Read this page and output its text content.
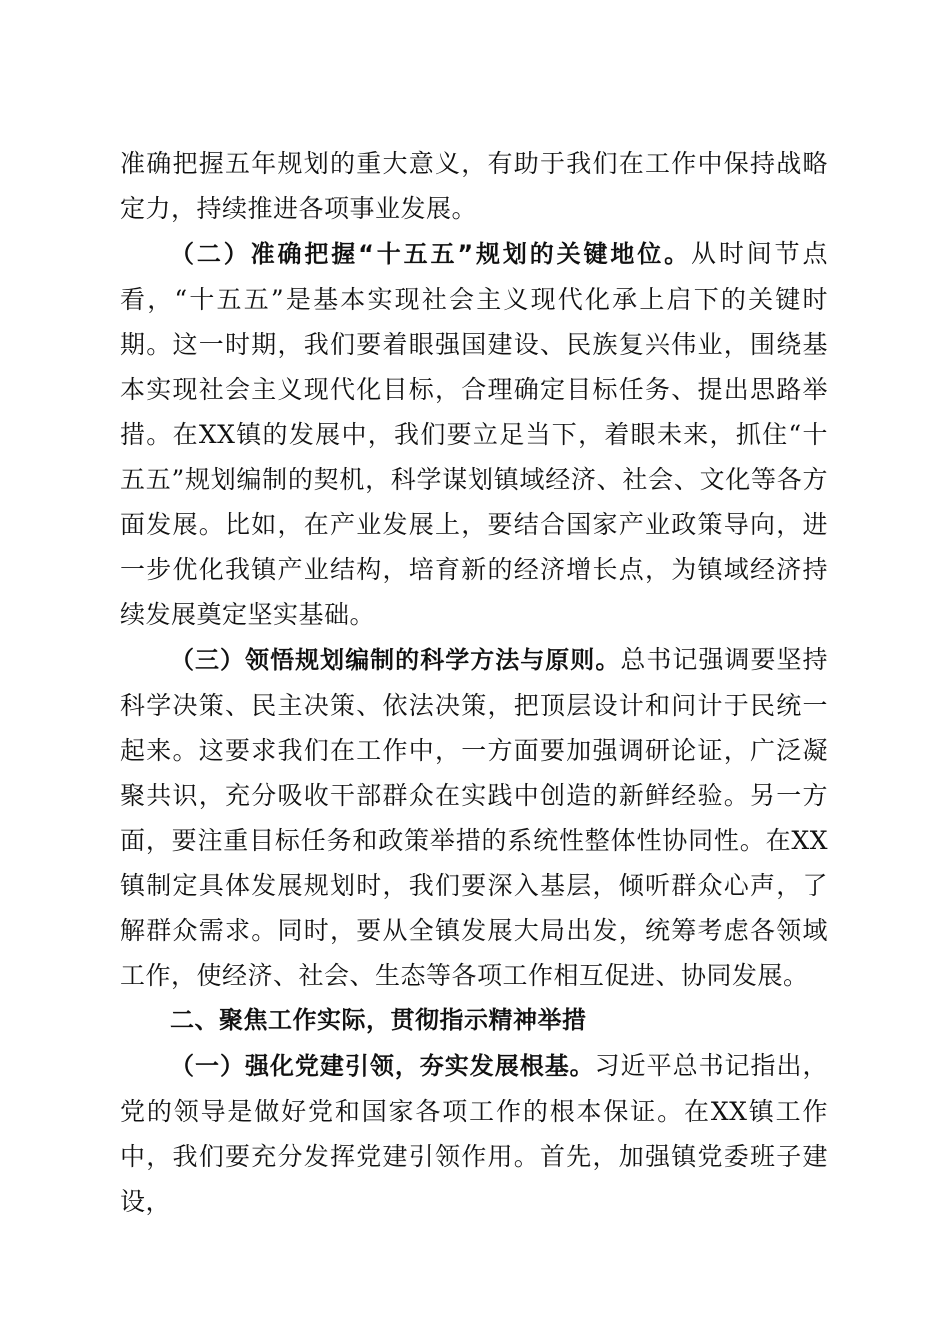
准确把握五年规划的重大意义，有助于我们在工作中保持战略定力，持续推进各项事业发展。

（二）准确把握“十五五”规划的关键地位。从时间节点看，“十五五”是基本实现社会主义现代化承上启下的关键时期。这一时期，我们要着眼强国建设、民族复兴伟业，围绕基本实现社会主义现代化目标，合理确定目标任务、提出思路举措。在XX镇的发展中，我们要立足当下，着眼未来，抓住“十五五”规划编制的契机，科学谋划镇域经济、社会、文化等各方面发展。比如，在产业发展上，要结合国家产业政策导向，进一步优化我镇产业结构，培育新的经济增长点，为镇域经济持续发展奠定坚实基础。

（三）领悟规划编制的科学方法与原则。总书记强调要坚持科学决策、民主决策、依法决策，把顶层设计和问计于民统一起来。这要求我们在工作中，一方面要加强调研论证，广泛凝聚共识，充分吸收干部群众在实践中创造的新鲜经验。另一方面，要注重目标任务和政策举措的系统性整体性协同性。在XX镇制定具体发展规划时，我们要深入基层，倾听群众心声，了解群众需求。同时，要从全镇发展大局出发，统筹考虑各领域工作，使经济、社会、生态等各项工作相互促进、协同发展。

二、聚焦工作实际，贯彻指示精神举措

（一）强化党建引领，夯实发展根基。习近平总书记指出，党的领导是做好党和国家各项工作的根本保证。在XX镇工作中，我们要充分发挥党建引领作用。首先，加强镇党委班子建设，
